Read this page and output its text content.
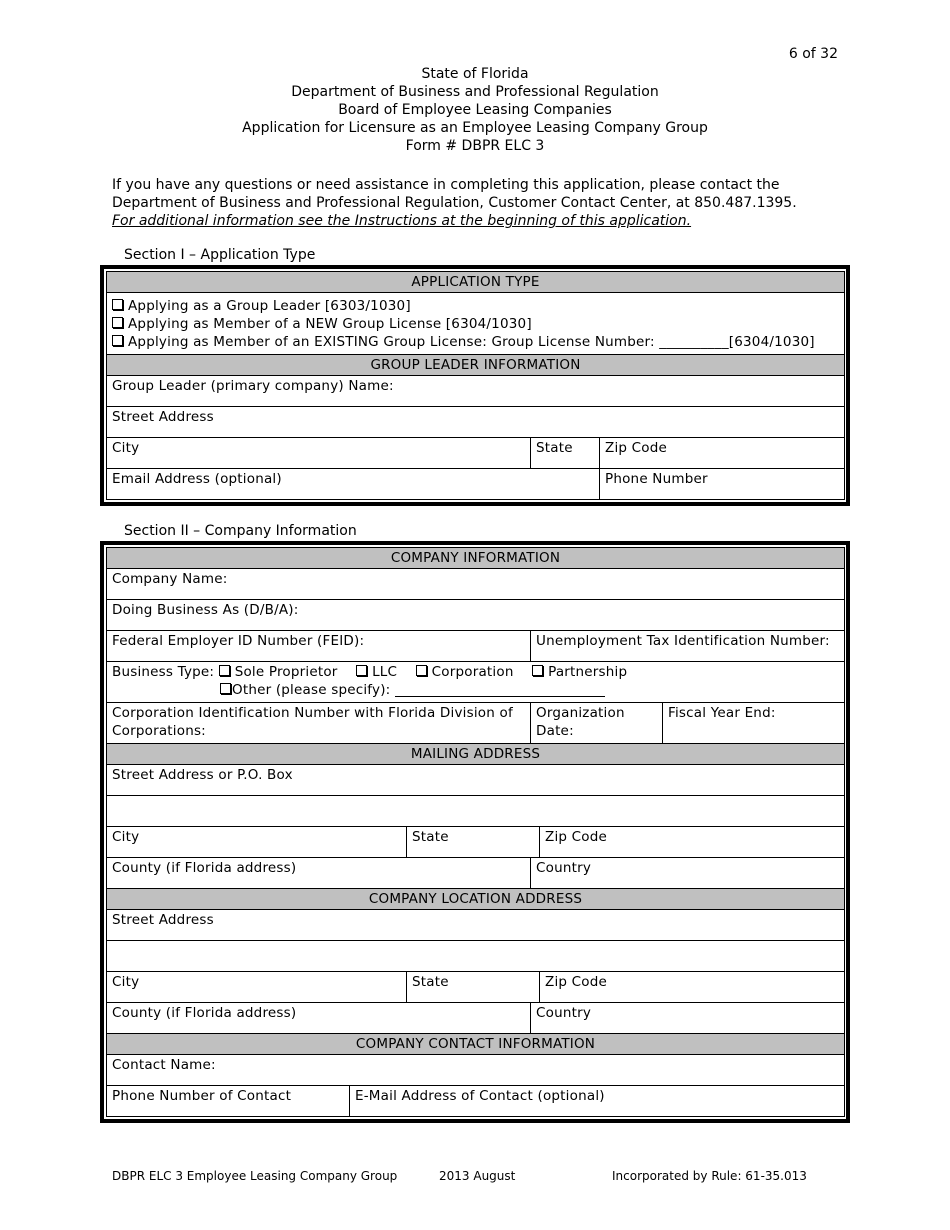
6 of 32
State of Florida
Department of Business and Professional Regulation
Board of Employee Leasing Companies
Application for Licensure as an Employee Leasing Company Group
Form # DBPR ELC 3
If you have any questions or need assistance in completing this application, please contact the
Department of Business and Professional Regulation, Customer Contact Center, at 850.487.1395.
For additional information see the Instructions at the beginning of this application.
Section I – Application Type
APPLICATION TYPE		

Applying as a Group Leader [6303/1030]
Applying as Member of a NEW Group License [6304/1030]
Applying as Member of an EXISTING Group License: Group License Number: __________[6304/1030]		

GROUP LEADER INFORMATION		
Group Leader (primary company) Name:		
Street Address		
City	State	Zip Code
Email Address (optional)		Phone Number
Section II – Company Information
COMPANY INFORMATION					
Company Name:					
Doing Business As (D/B/A):					
Federal Employer ID Number (FEID):			Unemployment Tax Identification Number:		

Business Type: Sole Proprietor LLC Corporation Partnership
Other (please specify):					

Corporation Identification Number with Florida Division of Corporations:			Organization Date:		Fiscal Year End:
MAILING ADDRESS					
Street Address or P.O. Box					

City		State		Zip Code	
County (if Florida address)			Country		
COMPANY LOCATION ADDRESS					
Street Address					

City		State		Zip Code	
County (if Florida address)			Country		
COMPANY CONTACT INFORMATION					
Contact Name:					
Phone Number of Contact	E-Mail Address of Contact (optional)				
DBPR ELC 3 Employee Leasing Company Group	2013 August	Incorporated by Rule: 61-35.013
